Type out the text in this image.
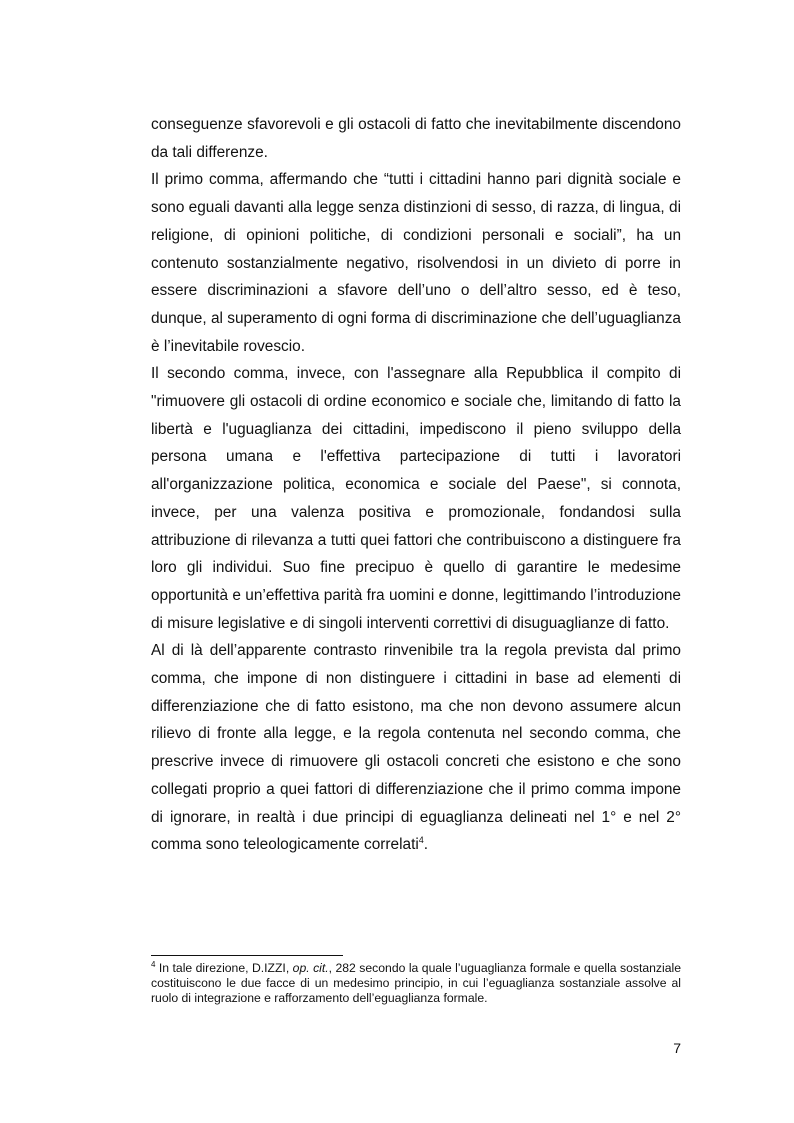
conseguenze sfavorevoli e gli ostacoli di fatto che inevitabilmente discendono da tali differenze.

Il primo comma, affermando che “tutti i cittadini hanno pari dignità sociale e sono eguali davanti alla legge senza distinzioni di sesso, di razza, di lingua, di religione, di opinioni politiche, di condizioni personali e sociali”, ha un contenuto sostanzialmente negativo, risolvendosi in un divieto di porre in essere discriminazioni a sfavore dell’uno o dell’altro sesso, ed è teso, dunque, al superamento di ogni forma di discriminazione che dell’uguaglianza è l’inevitabile rovescio.

Il secondo comma, invece, con l'assegnare alla Repubblica il compito di "rimuovere gli ostacoli di ordine economico e sociale che, limitando di fatto la libertà e l'uguaglianza dei cittadini, impediscono il pieno sviluppo della persona umana e l'effettiva partecipazione di tutti i lavoratori all'organizzazione politica, economica e sociale del Paese", si connota, invece, per una valenza positiva e promozionale, fondandosi sulla attribuzione di rilevanza a tutti quei fattori che contribuiscono a distinguere fra loro gli individui. Suo fine precipuo è quello di garantire le medesime opportunità e un’effettiva parità fra uomini e donne, legittimando l’introduzione di misure legislative e di singoli interventi correttivi di disuguaglianze di fatto.

Al di là dell’apparente contrasto rinvenibile tra la regola prevista dal primo comma, che impone di non distinguere i cittadini in base ad elementi di differenziazione che di fatto esistono, ma che non devono assumere alcun rilievo di fronte alla legge, e la regola contenuta nel secondo comma, che prescrive invece di rimuovere gli ostacoli concreti che esistono e che sono collegati proprio a quei fattori di differenziazione che il primo comma impone di ignorare, in realtà i due principi di eguaglianza delineati nel 1° e nel 2° comma sono teleologicamente correlati$^4$.

$^4$ In tale direzione, D.IZZI, op. cit., 282 secondo la quale l’uguaglianza formale e quella sostanziale costituiscono le due facce di un medesimo principio, in cui l’eguaglianza sostanziale assolve al ruolo di integrazione e rafforzamento dell’eguaglianza formale.
7
